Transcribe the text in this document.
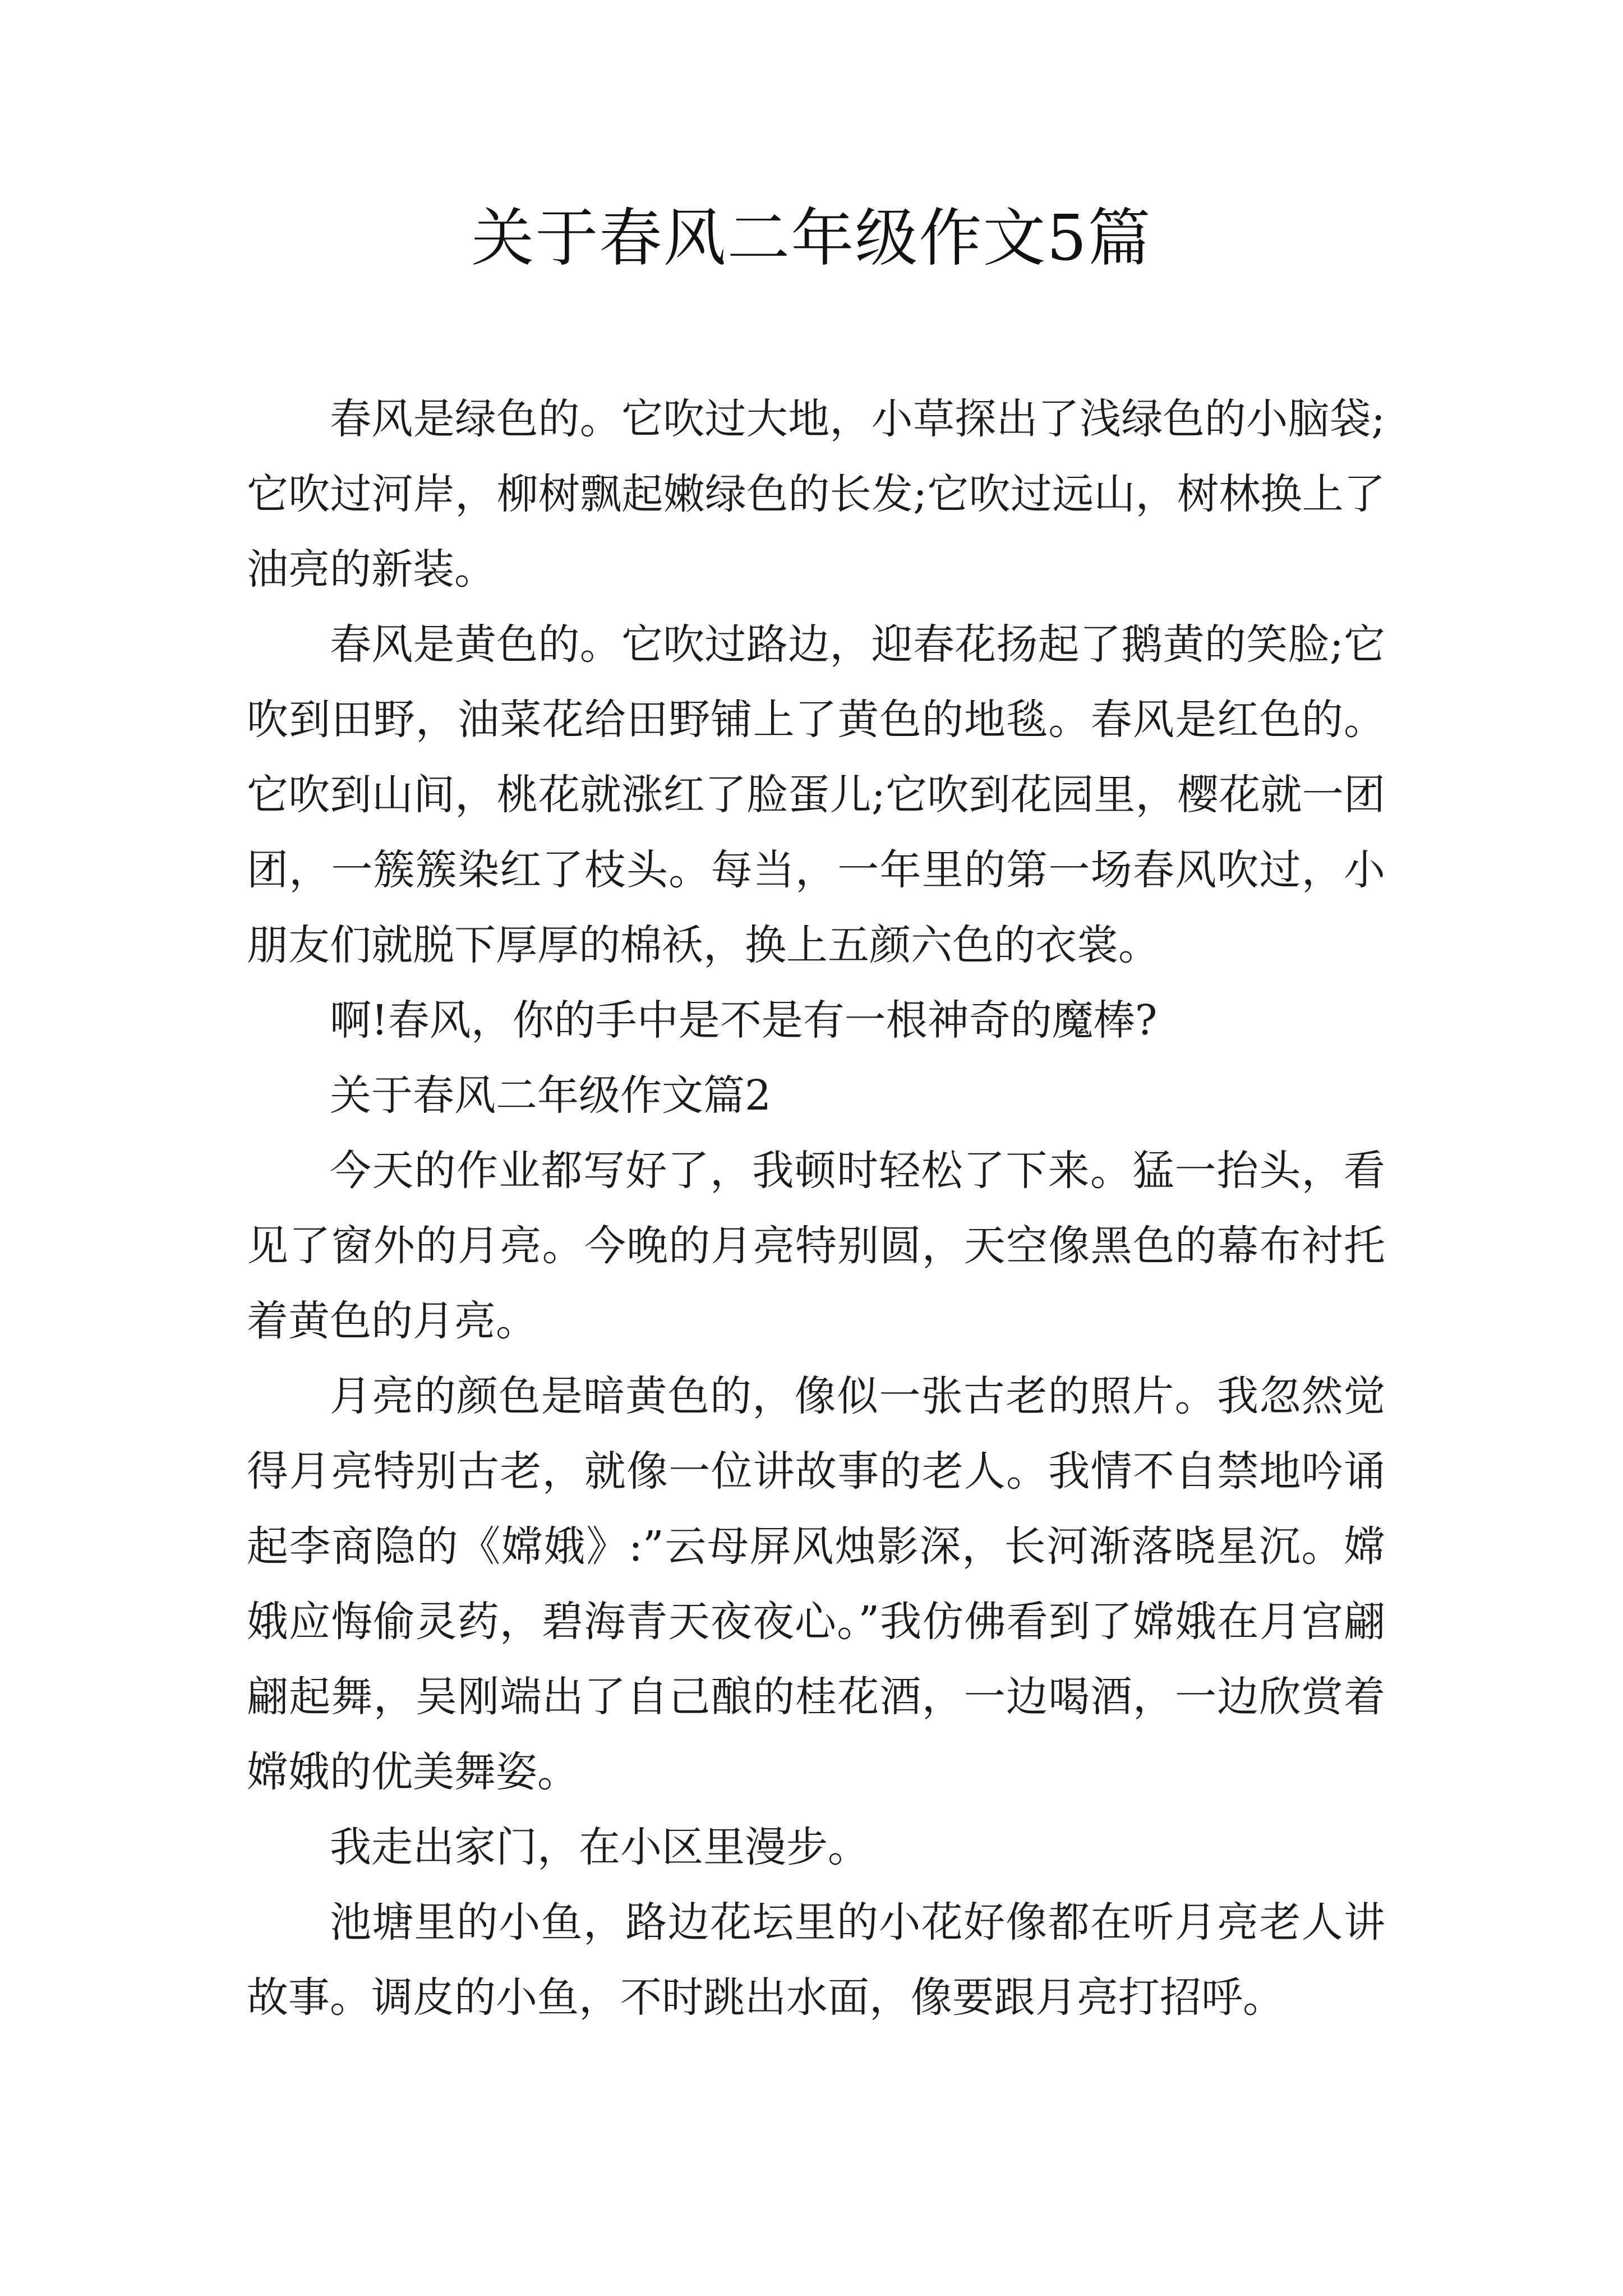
关于春风二年级作文5篇

春风是绿色的。它吹过大地，小草探出了浅绿色的小脑袋;它吹过河岸，柳树飘起嫩绿色的长发;它吹过远山，树林换上了油亮的新装。

春风是黄色的。它吹过路边，迎春花扬起了鹅黄的笑脸;它吹到田野，油菜花给田野铺上了黄色的地毯。春风是红色的。它吹到山间，桃花就涨红了脸蛋儿;它吹到花园里，樱花就一团团，一簇簇染红了枝头。每当，一年里的第一场春风吹过，小朋友们就脱下厚厚的棉袄，换上五颜六色的衣裳。

啊!春风，你的手中是不是有一根神奇的魔棒?

关于春风二年级作文篇2

今天的作业都写好了，我顿时轻松了下来。猛一抬头，看见了窗外的月亮。今晚的月亮特别圆，天空像黑色的幕布衬托着黄色的月亮。

月亮的颜色是暗黄色的，像似一张古老的照片。我忽然觉得月亮特别古老，就像一位讲故事的老人。我情不自禁地吟诵起李商隐的《嫦娥》:”云母屏风烛影深，长河渐落晓星沉。嫦娥应悔偷灵药，碧海青天夜夜心。”我仿佛看到了嫦娥在月宫翩翩起舞，吴刚端出了自己酿的桂花酒，一边喝酒，一边欣赏着嫦娥的优美舞姿。

我走出家门，在小区里漫步。

池塘里的小鱼，路边花坛里的小花好像都在听月亮老人讲故事。调皮的小鱼，不时跳出水面，像要跟月亮打招呼。
